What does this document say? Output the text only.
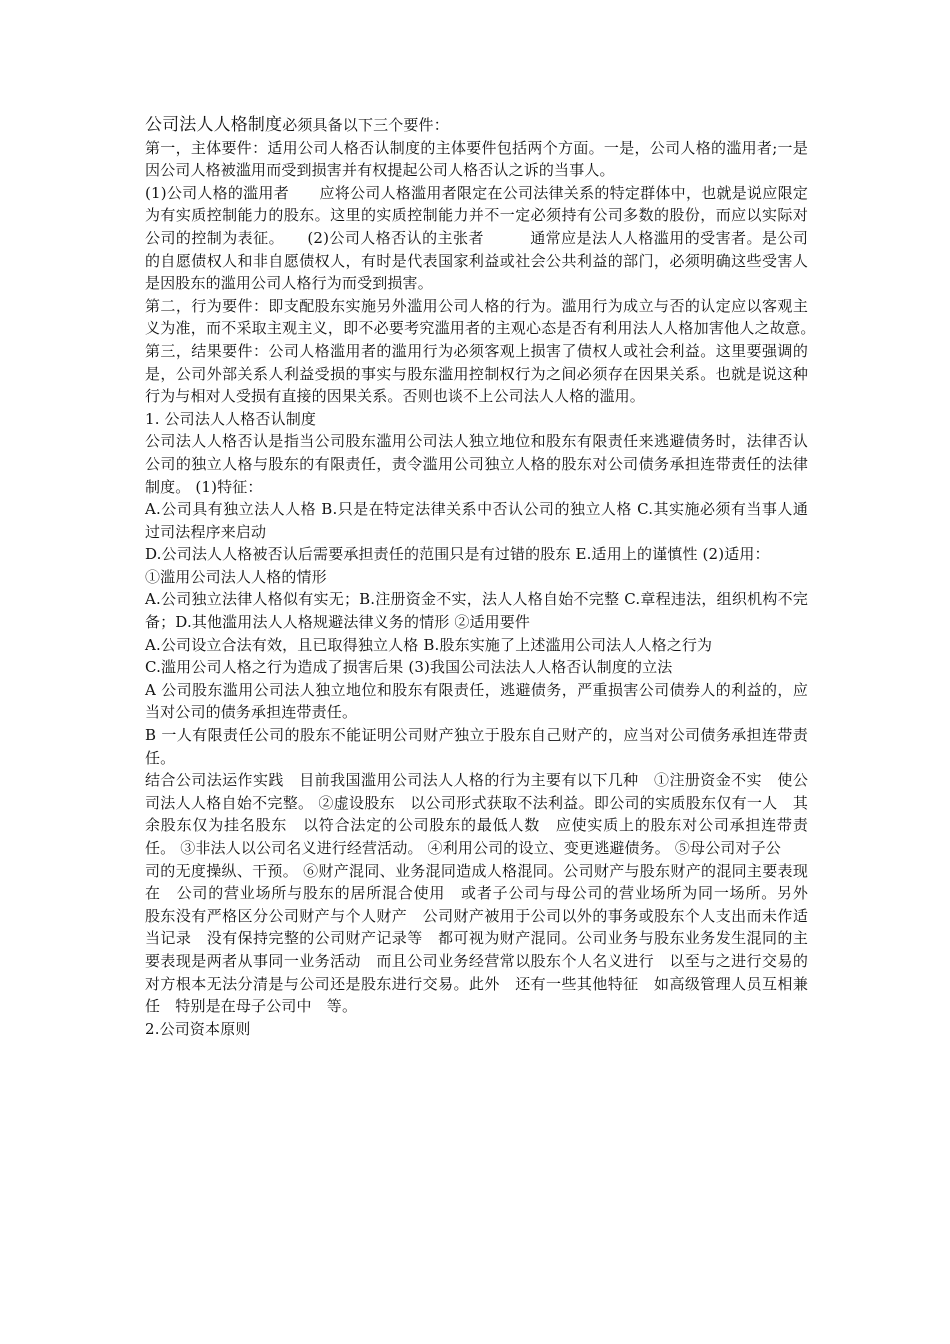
公司法人人格制度必须具备以下三个要件：

第一，主体要件：适用公司人格否认制度的主体要件包括两个方面。一是，公司人格的滥用者;一是因公司人格被滥用而受到损害并有权提起公司人格否认之诉的当事人。

(1)公司人格的滥用者　　应将公司人格滥用者限定在公司法律关系的特定群体中，也就是说应限定为有实质控制能力的股东。这里的实质控制能力并不一定必须持有公司多数的股份，而应以实际对公司的控制为表征。　　(2)公司人格否认的主张者　　　通常应是法人人格滥用的受害者。是公司的自愿债权人和非自愿债权人，有时是代表国家利益或社会公共利益的部门，必须明确这些受害人是因股东的滥用公司人格行为而受到损害。

第二，行为要件：即支配股东实施另外滥用公司人格的行为。滥用行为成立与否的认定应以客观主义为准，而不采取主观主义，即不必要考究滥用者的主观心态是否有利用法人人格加害他人之故意。　第三，结果要件：公司人格滥用者的滥用行为必须客观上损害了债权人或社会利益。这里要强调的是，公司外部关系人利益受损的事实与股东滥用控制权行为之间必须存在因果关系。也就是说这种行为与相对人受损有直接的因果关系。否则也谈不上公司法人人格的滥用。

1. 公司法人人格否认制度

公司法人人格否认是指当公司股东滥用公司法人独立地位和股东有限责任来逃避债务时，法律否认公司的独立人格与股东的有限责任，责令滥用公司独立人格的股东对公司债务承担连带责任的法律制度。 (1)特征：

A.公司具有独立法人人格 B.只是在特定法律关系中否认公司的独立人格 C.其实施必须有当事人通过司法程序来启动

D.公司法人人格被否认后需要承担责任的范围只是有过错的股东 E.适用上的谨慎性 (2)适用：

①滥用公司法人人格的情形

A.公司独立法律人格似有实无；B.注册资金不实，法人人格自始不完整 C.章程违法，组织机构不完备；D.其他滥用法人人格规避法律义务的情形 ②适用要件

A.公司设立合法有效，且已取得独立人格 B.股东实施了上述滥用公司法人人格之行为

C.滥用公司人格之行为造成了损害后果 (3)我国公司法法人人格否认制度的立法

A 公司股东滥用公司法人独立地位和股东有限责任，逃避债务，严重损害公司债券人的利益的，应当对公司的债务承担连带责任。

B 一人有限责任公司的股东不能证明公司财产独立于股东自己财产的，应当对公司债务承担连带责任。

结合公司法运作实践　目前我国滥用公司法人人格的行为主要有以下几种　①注册资金不实　使公司法人人格自始不完整。 ②虚设股东　以公司形式获取不法利益。即公司的实质股东仅有一人　其余股东仅为挂名股东　以符合法定的公司股东的最低人数　应使实质上的股东对公司承担连带责任。 ③非法人以公司名义进行经营活动。 ④利用公司的设立、变更逃避债务。 ⑤母公司对子公

司的无度操纵、干预。 ⑥财产混同、业务混同造成人格混同。公司财产与股东财产的混同主要表现在　公司的营业场所与股东的居所混合使用　或者子公司与母公司的营业场所为同一场所。另外　股东没有严格区分公司财产与个人财产　公司财产被用于公司以外的事务或股东个人支出而未作适当记录　没有保持完整的公司财产记录等　都可视为财产混同。公司业务与股东业务发生混同的主要表现是两者从事同一业务活动　而且公司业务经营常以股东个人名义进行　以至与之进行交易的对方根本无法分清是与公司还是股东进行交易。此外　还有一些其他特征　如高级管理人员互相兼任　特别是在母子公司中　等。

2.公司资本原则
